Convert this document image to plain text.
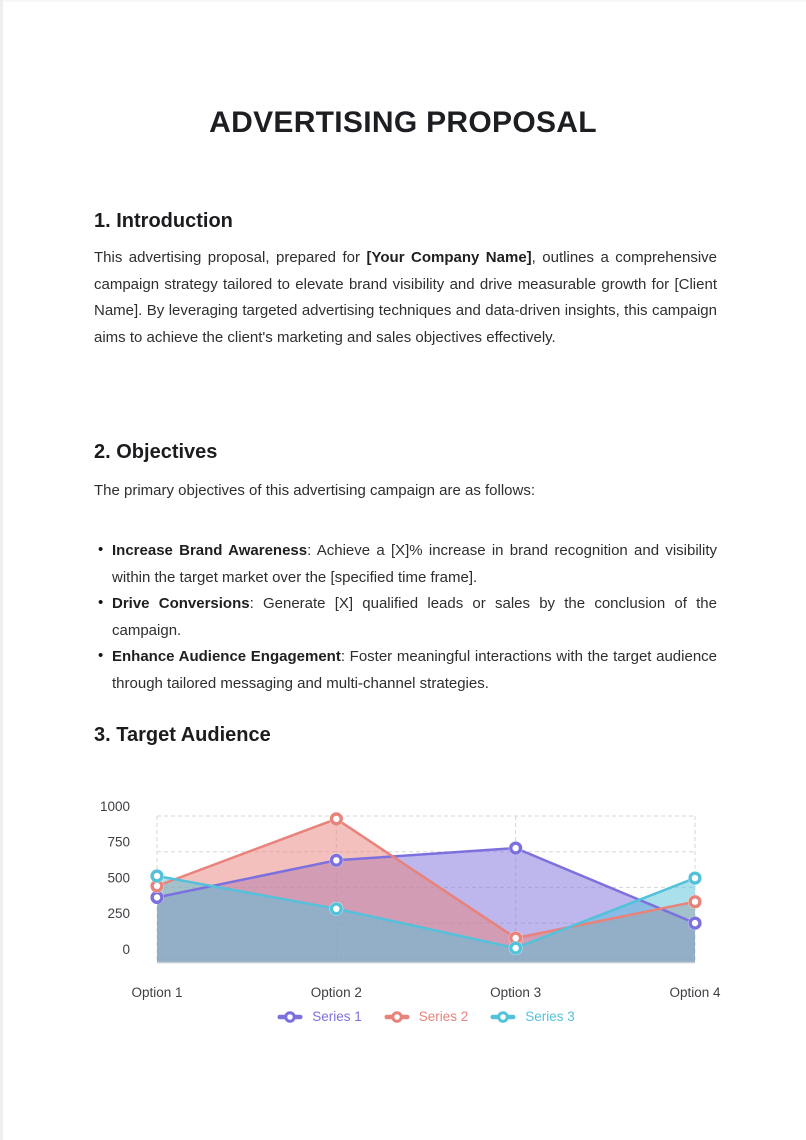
ADVERTISING PROPOSAL
1. Introduction

This advertising proposal, prepared for [Your Company Name], outlines a comprehensive campaign strategy tailored to elevate brand visibility and drive measurable growth for [Client Name]. By leveraging targeted advertising techniques and data-driven insights, this campaign aims to achieve the client's marketing and sales objectives effectively.

2. Objectives

The primary objectives of this advertising campaign are as follows:

• Increase Brand Awareness: Achieve a [X]% increase in brand recognition and visibility within the target market over the [specified time frame].
• Drive Conversions: Generate [X] qualified leads or sales by the conclusion of the campaign.
• Enhance Audience Engagement: Foster meaningful interactions with the target audience through tailored messaging and multi-channel strategies.
3. Target Audience
0
250
500
750
1000
Option 1	Option 2	Option 3	Option 4
Series 1	Series 2	Series 3
